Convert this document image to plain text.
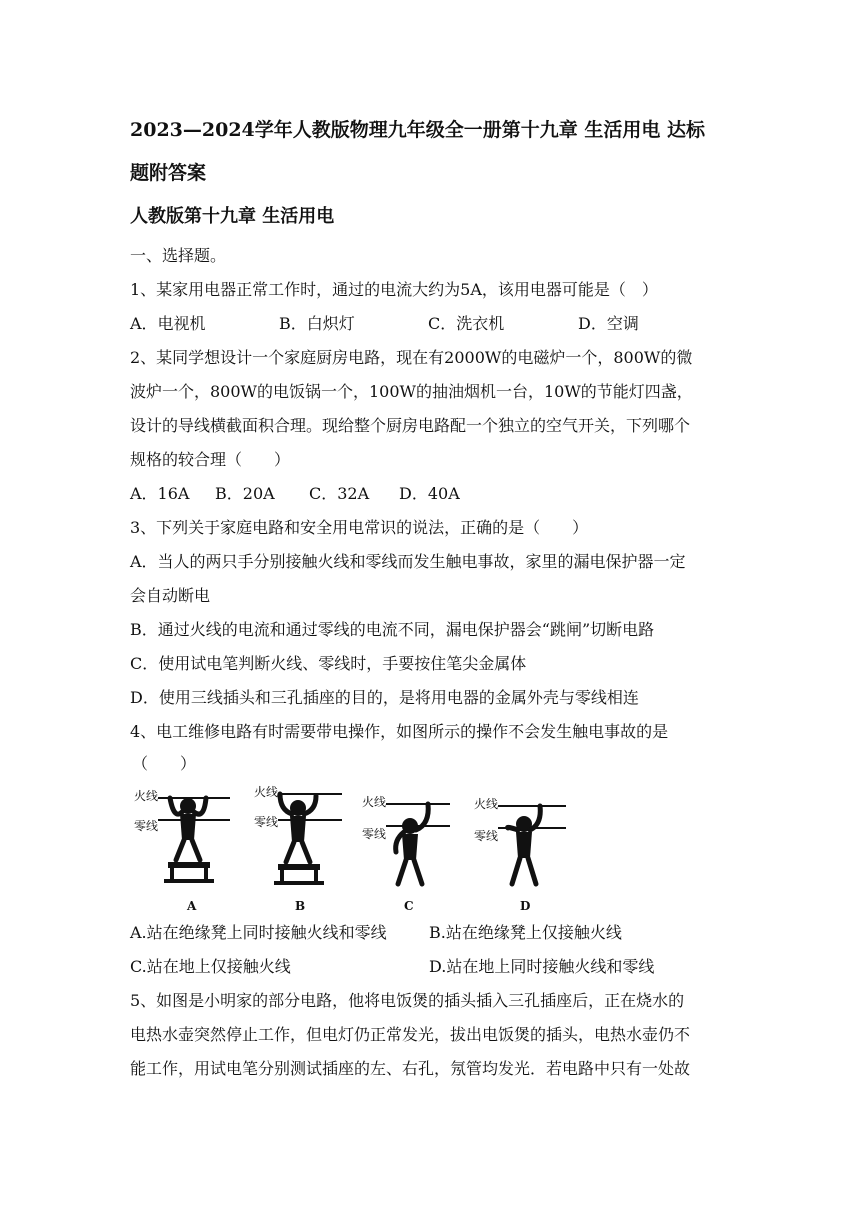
2023—2024学年人教版物理九年级全一册第十九章 生活用电 达标
题附答案
人教版第十九章 生活用电
一、选择题。
1、某家用电器正常工作时，通过的电流大约为5A，该用电器可能是（　）
A．电视机	B．白炽灯	C．洗衣机	D．空调
2、某同学想设计一个家庭厨房电路，现在有2000W的电磁炉一个，800W的微
波炉一个，800W的电饭锅一个，100W的抽油烟机一台，10W的节能灯四盏，
设计的导线横截面积合理。现给整个厨房电路配一个独立的空气开关，下列哪个
规格的较合理（　　）
A．16A B．20A C．32A D．40A
3、下列关于家庭电路和安全用电常识的说法，正确的是（　　）
A．当人的两只手分别接触火线和零线而发生触电事故，家里的漏电保护器一定
会自动断电
B．通过火线的电流和通过零线的电流不同，漏电保护器会“跳闸”切断电路
C．使用试电笔判断火线、零线时，手要按住笔尖金属体
D．使用三线插头和三孔插座的目的，是将用电器的金属外壳与零线相连
4、电工维修电路有时需要带电操作，如图所示的操作不会发生触电事故的是
（　　）
火线
零线
A
火线
零线
B
火线
零线
C
火线
零线
D
A.站在绝缘凳上同时接触火线和零线	B.站在绝缘凳上仅接触火线
C.站在地上仅接触火线	D.站在地上同时接触火线和零线
5、如图是小明家的部分电路，他将电饭煲的插头插入三孔插座后，正在烧水的
电热水壶突然停止工作，但电灯仍正常发光，拔出电饭煲的插头，电热水壶仍不
能工作，用试电笔分别测试插座的左、右孔，氖管均发光．若电路中只有一处故
